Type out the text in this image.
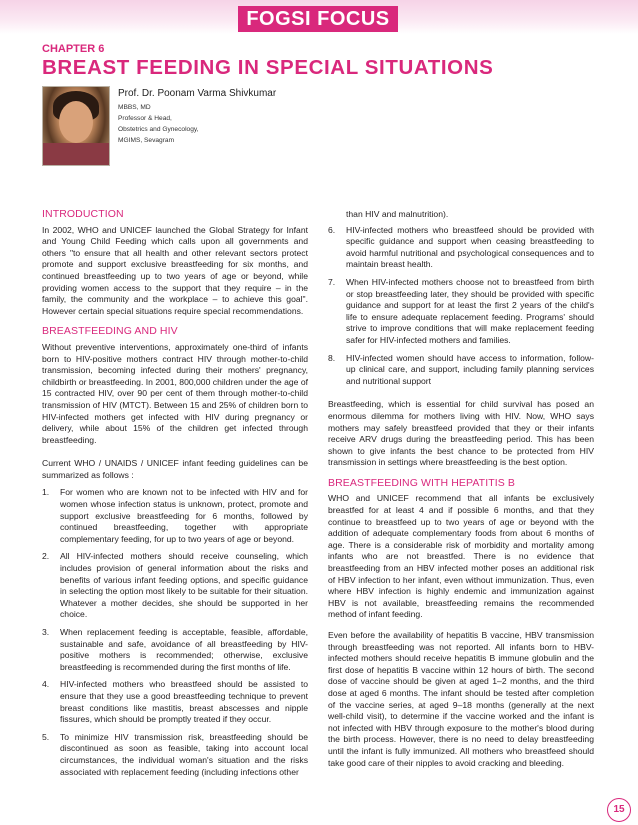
FOGSI FOCUS
CHAPTER 6
BREAST FEEDING IN SPECIAL SITUATIONS
Prof. Dr. Poonam Varma Shivkumar
MBBS, MD
Professor & Head,
Obstetrics and Gynecology,
MGIMS, Sevagram
INTRODUCTION

In 2002, WHO and UNICEF launched the Global Strategy for Infant and Young Child Feeding which calls upon all governments and others "to ensure that all health and other relevant sectors protect promote and support exclusive breastfeeding for six months, and continued breastfeeding up to two years of age or beyond, while providing women access to the support that they require – in the family, the community and the workplace – to achieve this goal". However certain special situations require special recommendations.

BREASTFEEDING AND HIV

Without preventive interventions, approximately one-third of infants born to HIV-positive mothers contract HIV through mother-to-child transmission, becoming infected during their mothers' pregnancy, childbirth or breastfeeding. In 2001, 800,000 children under the age of 15 contracted HIV, over 90 per cent of them through mother-to-child transmission of HIV (MTCT). Between 15 and 25% of children born to HIV-infected mothers get infected with HIV during pregnancy or delivery, while about 15% of the children get infected through breastfeeding.

Current WHO / UNAIDS / UNICEF infant feeding guidelines can be summarized as follows :

1. For women who are known not to be infected with HIV and for women whose infection status is unknown, protect, promote and support exclusive breastfeeding for 6 months, followed by continued breastfeeding, together with appropriate complementary feeding, for up to two years of age or beyond.
2. All HIV-infected mothers should receive counseling, which includes provision of general information about the risks and benefits of various infant feeding options, and specific guidance in selecting the option most likely to be suitable for their situation. Whatever a mother decides, she should be supported in her choice.
3. When replacement feeding is acceptable, feasible, affordable, sustainable and safe, avoidance of all breastfeeding by HIV-positive mothers is recommended; otherwise, exclusive breastfeeding is recommended during the first months of life.
4. HIV-infected mothers who breastfeed should be assisted to ensure that they use a good breastfeeding technique to prevent breast conditions like mastitis, breast abscesses and nipple fissures, which should be promptly treated if they occur.
5. To minimize HIV transmission risk, breastfeeding should be discontinued as soon as feasible, taking into account local circumstances, the individual woman's situation and the risks associated with replacement feeding (including infections other

than HIV and malnutrition).

6. HIV-infected mothers who breastfeed should be provided with specific guidance and support when ceasing breastfeeding to avoid harmful nutritional and psychological consequences and to maintain breast health.
7. When HIV-infected mothers choose not to breastfeed from birth or stop breastfeeding later, they should be provided with specific guidance and support for at least the first 2 years of the child's life to ensure adequate replacement feeding. Programs' should strive to improve conditions that will make replacement feeding safer for HIV-infected mothers and families.
8. HIV-infected women should have access to information, follow-up clinical care, and support, including family planning services and nutritional support

Breastfeeding, which is essential for child survival has posed an enormous dilemma for mothers living with HIV. Now, WHO says mothers may safely breastfeed provided that they or their infants receive ARV drugs during the breastfeeding period. This has been shown to give infants the best chance to be protected from HIV transmission in settings where breastfeeding is the best option.

BREASTFEEDING WITH HEPATITIS B

WHO and UNICEF recommend that all infants be exclusively breastfed for at least 4 and if possible 6 months, and that they continue to breastfeed up to two years of age or beyond with the addition of adequate complementary foods from about 6 months of age. There is a considerable risk of morbidity and mortality among infants who are not breastfed. There is no evidence that breastfeeding from an HBV infected mother poses an additional risk of HBV infection to her infant, even without immunization. Thus, even where HBV infection is highly endemic and immunization against HBV is not available, breastfeeding remains the recommended method of infant feeding.

Even before the availability of hepatitis B vaccine, HBV transmission through breastfeeding was not reported. All infants born to HBV-infected mothers should receive hepatitis B immune globulin and the first dose of hepatitis B vaccine within 12 hours of birth. The second dose of vaccine should be given at aged 1–2 months, and the third dose at aged 6 months. The infant should be tested after completion of the vaccine series, at aged 9–18 months (generally at the next well-child visit), to determine if the vaccine worked and the infant is not infected with HBV through exposure to the mother's blood during the birth process. However, there is no need to delay breastfeeding until the infant is fully immunized. All mothers who breastfeed should take good care of their nipples to avoid cracking and bleeding.

15
